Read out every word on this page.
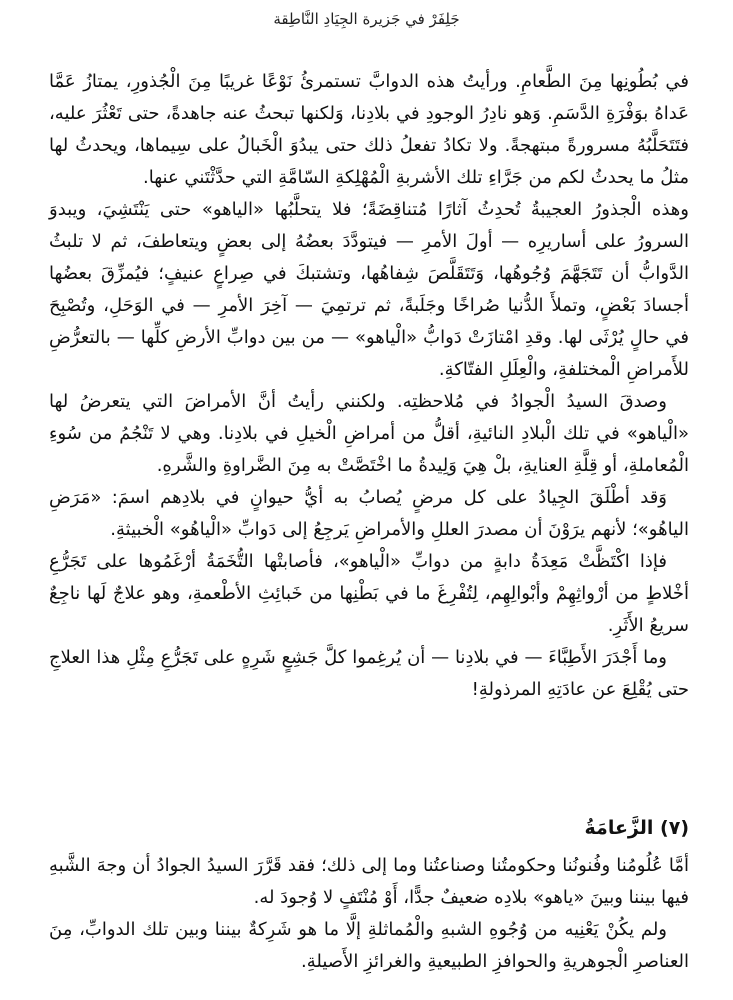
جَلِفَرْ في جَزيرة الجِيَادِ النَّاطِقة

في بُطُونِها مِنَ الطَّعامِ. ورأيتُ هذه الدوابَّ تستمرئُ نَوْعًا غريبًا مِنَ الْجُذورِ، يمتازُ عَمَّا عَداهُ بوَفْرَةِ الدَّسَمِ. وَهو نادِرُ الوجودِ في بلادِنا، وَلكنها تبحثُ عنه جاهدةً، حتى تَعْثُرَ عليه، فتَتَحَلَّبُهُ مسرورةً مبتهجةً. ولا تكادُ تفعلُ ذلك حتى يبدُوَ الْخَبالُ على سِيماها، ويحدثُ لها مثلُ ما يحدثُ لكم من جَرَّاءِ تلك الأشربةِ الْمُهْلِكةِ السّامَّةِ التي حدَّثْتَني عنها.

وهذه الْجذورُ العجيبةُ تُحدِثُ آثارًا مُتناقِضَةً؛ فلا يتحلَّبُها «الياهو» حتى يَنْتَشِيَ، ويبدوَ السرورُ على أساريرِه — أولَ الأمرِ — فيتودَّدَ بعضُهُ إلى بعضٍ ويتعاطفَ، ثم لا تلبثُ الدَّوابُّ أن تَتَجَهَّمَ وُجُوهُها، وَتَتَقَلَّصَ شِفاهُها، وتشتبكَ في صِراعٍ عنيفٍ؛ فيُمزِّقَ بعضُها أجسادَ بَعْضٍ، وتملأَ الدُّنيا صُراخًا وجَلَبةً، ثم ترتمِيَ — آخِرَ الأمرِ — في الوَحَلِ، وتُصْبِحَ في حالٍ يُرْثَى لها. وقدِ امْتازَتْ دَوابُّ «الْياهو» — من بين دوابِّ الأرضِ كلِّها — بالتعرُّضِ للأَمراضِ الْمختلفةِ، والْعِلَلِ الفتّاكةِ.

وصدقَ السيدُ الْجوادُ في مُلاحظتِه. ولكنني رأيتُ أنَّ الأمراضَ التي يتعرضُ لها «الْياهو» في تلك الْبلادِ النائيةِ، أقلُّ من أمراضِ الْخيلِ في بلادِنا. وهي لا تَنْجُمُ من سُوءِ الْمُعاملةِ، أو قِلَّةِ العنايةِ، بلْ هِيَ وَلِيدةُ ما اخْتَصَّتْ به مِنَ الضَّراوةِ والشَّرهِ.

وَقد أطْلَقَ الجِيادُ على كل مرضٍ يُصابُ به أيُّ حيوانٍ في بلادِهم اسمَ: «مَرَضِ الياهُو»؛ لأنهم يرَوْنَ أن مصدرَ العللِ والأمراضِ يَرجِعُ إلى دَوابِّ «الْياهُو» الْخبيثةِ.

فإذا اكْتَظَّتْ مَعِدَةُ دابةٍ من دوابِّ «الْياهو»، فأصابتْها التُّخَمَةُ أرْغَمُوها على تَجَرُّعِ أخْلاطٍ من أرْواثِهِمْ وأبْوالِهِم، لِتُفْرِغَ ما في بَطْنِها من خَبائِثِ الأطْعمةِ، وهو علاجٌ لَها ناجِعٌ سريعُ الأَثَرِ.

وما أَجْدَرَ الأَطِبَّاءَ — في بلادِنا — أن يُرغِموا كلَّ جَشِعٍ شَرِهٍ على تَجَرُّعِ مِثْلِ هذا العلاجِ حتى يُقْلِعَ عن عادَتِهِ المرذولةِ!

(٧) الزَّعامَةُ

أمَّا عُلُومُنا وفُنونُنا وحكومتُنا وصناعتُنا وما إلى ذلك؛ فقد قَرَّرَ السيدُ الجوادُ أن وجهَ الشَّبهِ فيها بيننا وبينَ «ياهو» بلادِه ضعيفٌ جدًّا، أَوْ مُنْتَفٍ لا وُجودَ له.

ولم يكُنْ يَعْنِيه من وُجُوهِ الشبهِ والْمُماثلةِ إلَّا ما هو شَرِكةٌ بيننا وبين تلك الدوابِّ، مِنَ العناصرِ الْجوهريةِ والحوافزِ الطبيعيةِ والغرائزِ الأَصيلةِ.
